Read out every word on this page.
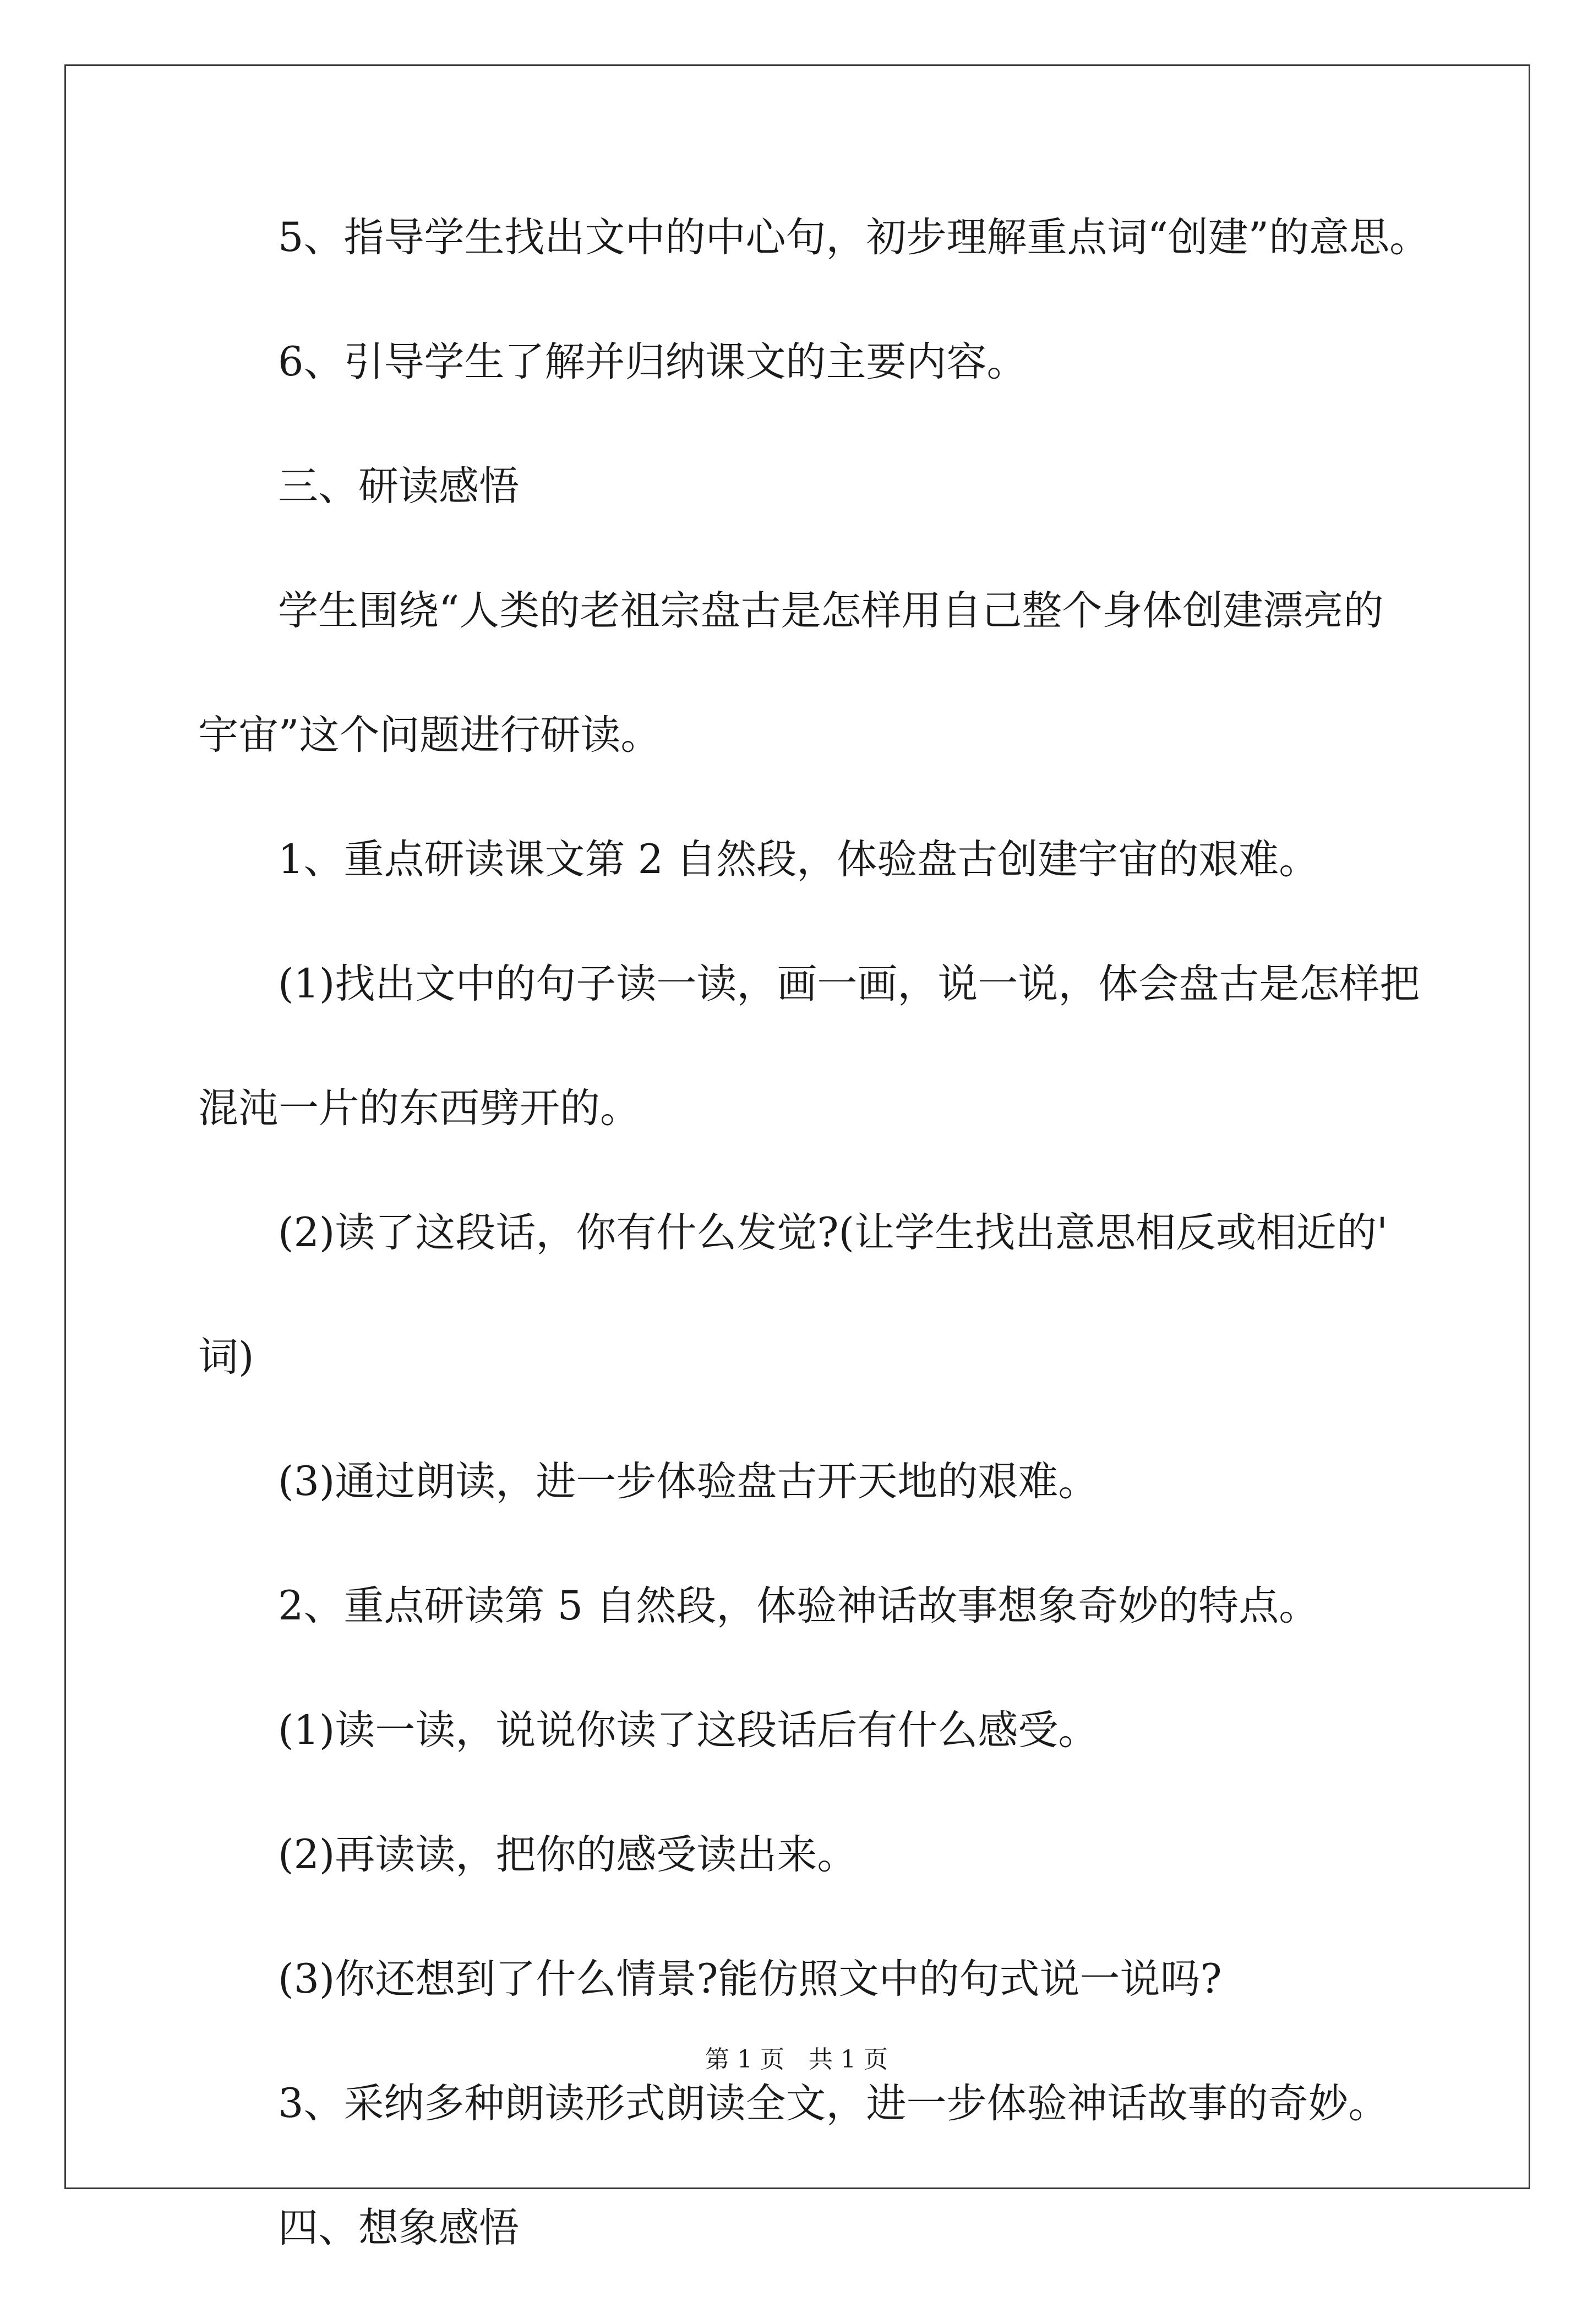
5、指导学生找出文中的中心句，初步理解重点词“创建”的意思。

6、引导学生了解并归纳课文的主要内容。

三、研读感悟

学生围绕“人类的老祖宗盘古是怎样用自己整个身体创建漂亮的
宇宙”这个问题进行研读。

1、重点研读课文第 2 自然段，体验盘古创建宇宙的艰难。

(1)找出文中的句子读一读，画一画，说一说，体会盘古是怎样把
混沌一片的东西劈开的。
(2)读了这段话，你有什么发觉?(让学生找出意思相反或相近的'
词)

(3)通过朗读，进一步体验盘古开天地的艰难。

2、重点研读第 5 自然段，体验神话故事想象奇妙的特点。

(1)读一读，说说你读了这段话后有什么感受。

(2)再读读，把你的感受读出来。

(3)你还想到了什么情景?能仿照文中的句式说一说吗?

3、采纳多种朗读形式朗读全文，进一步体验神话故事的奇妙。

四、想象感悟

第 1 页　共 1 页
